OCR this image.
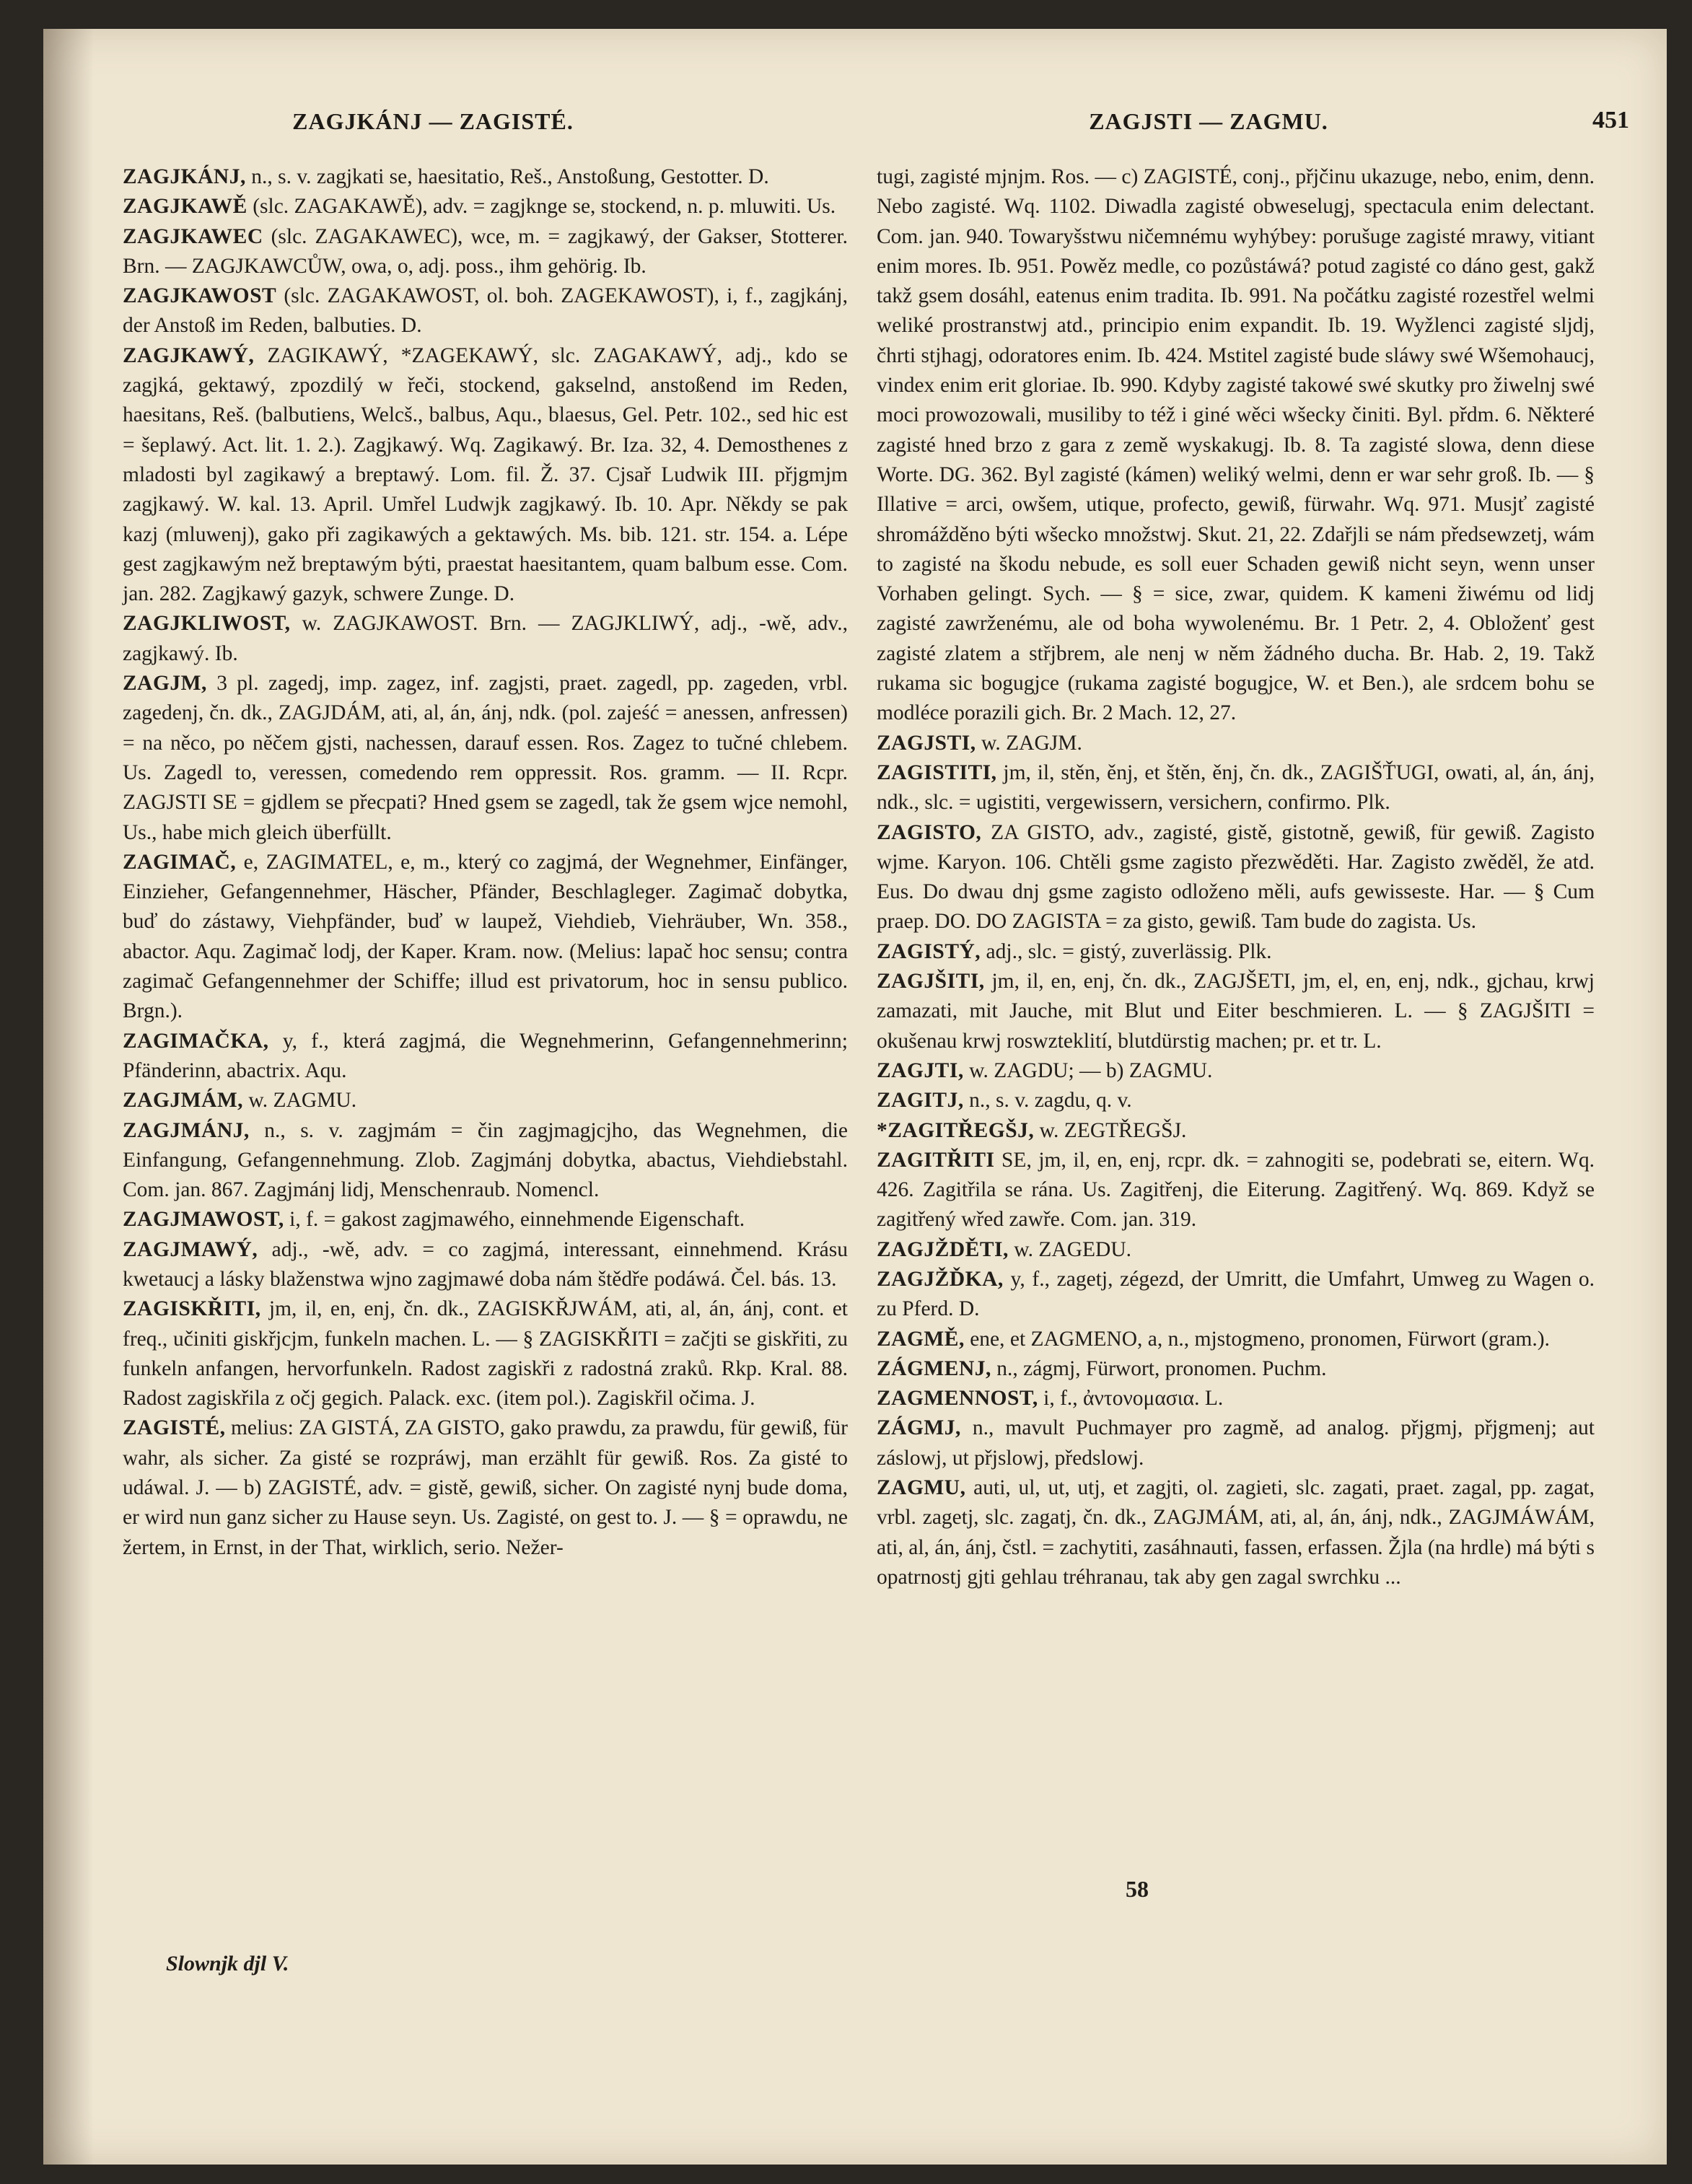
ZAGJKÁNJ — ZAGISTÉ.	ZAGJSTI — ZAGMU.	451

ZAGJKÁNJ, n., s. v. zagjkati se, haesitatio, Reš., Anstoßung, Gestotter. D.

ZAGJKAWĚ (slc. ZAGAKAWĚ), adv. = zagjknge se, stockend, n. p. mluwiti. Us.

ZAGJKAWEC (slc. ZAGAKAWEC), wce, m. = zagjkawý, der Gakser, Stotterer. Brn. — ZAGJKAWCŮW, owa, o, adj. poss., ihm gehörig. Ib.

ZAGJKAWOST (slc. ZAGAKAWOST, ol. boh. ZAGEKAWOST), i, f., zagjkánj, der Anstoß im Reden, balbuties. D.

ZAGJKAWÝ, ZAGIKAWÝ, *ZAGEKAWÝ, slc. ZAGAKAWÝ, adj., kdo se zagjká, gektawý, zpozdilý w řeči, stockend, gakselnd, anstoßend im Reden, haesitans, Reš. (balbutiens, Welcš., balbus, Aqu., blaesus, Gel. Petr. 102., sed hic est = šeplawý. Act. lit. 1. 2.). Zagjkawý. Wq. Zagikawý. Br. Iza. 32, 4. Demosthenes z mladosti byl zagikawý a breptawý. Lom. fil. Ž. 37. Cjsař Ludwik III. přjgmjm zagjkawý. W. kal. 13. April. Umřel Ludwjk zagjkawý. Ib. 10. Apr. Někdy se pak kazj (mluwenj), gako při zagikawých a gektawých. Ms. bib. 121. str. 154. a. Lépe gest zagjkawým než breptawým býti, praestat haesitantem, quam balbum esse. Com. jan. 282. Zagjkawý gazyk, schwere Zunge. D.

ZAGJKLIWOST, w. ZAGJKAWOST. Brn. — ZAGJKLIWÝ, adj., -wě, adv., zagjkawý. Ib.

ZAGJM, 3 pl. zagedj, imp. zagez, inf. zagjsti, praet. zagedl, pp. zageden, vrbl. zagedenj, čn. dk., ZAGJDÁM, ati, al, án, ánj, ndk. (pol. zajeść = anessen, anfressen) = na něco, po něčem gjsti, nachessen, darauf essen. Ros. Zagez to tučné chlebem. Us. Zagedl to, veressen, comedendo rem oppressit. Ros. gramm. — II. Rcpr. ZAGJSTI SE = gjdlem se přecpati? Hned gsem se zagedl, tak že gsem wjce nemohl, Us., habe mich gleich überfüllt.

ZAGIMAČ, e, ZAGIMATEL, e, m., který co zagjmá, der Wegnehmer, Einfänger, Einzieher, Gefangennehmer, Häscher, Pfänder, Beschlagleger. Zagimač dobytka, buď do zástawy, Viehpfänder, buď w laupež, Viehdieb, Viehräuber, Wn. 358., abactor. Aqu. Zagimač lodj, der Kaper. Kram. now. (Melius: lapač hoc sensu; contra zagimač Gefangennehmer der Schiffe; illud est privatorum, hoc in sensu publico. Brgn.).

ZAGIMAČKA, y, f., která zagjmá, die Wegnehmerinn, Gefangennehmerinn; Pfänderinn, abactrix. Aqu.

ZAGJMÁM, w. ZAGMU.

ZAGJMÁNJ, n., s. v. zagjmám = čin zagjmagjcjho, das Wegnehmen, die Einfangung, Gefangennehmung. Zlob. Zagjmánj dobytka, abactus, Viehdiebstahl. Com. jan. 867. Zagjmánj lidj, Menschenraub. Nomencl.

ZAGJMAWOST, i, f. = gakost zagjmawého, einnehmende Eigenschaft.

ZAGJMAWÝ, adj., -wě, adv. = co zagjmá, interessant, einnehmend. Krásu kwetaucj a lásky blaženstwa wjno zagjmawé doba nám štědře podáwá. Čel. bás. 13.

ZAGISKŘITI, jm, il, en, enj, čn. dk., ZAGISKŘJWÁM, ati, al, án, ánj, cont. et freq., učiniti giskřjcjm, funkeln machen. L. — § ZAGISKŘITI = začjti se giskřiti, zu funkeln anfangen, hervorfunkeln. Radost zagiskři z radostná zraků. Rkp. Kral. 88. Radost zagiskřila z očj gegich. Palack. exc. (item pol.). Zagiskřil očima. J.

ZAGISTÉ, melius: ZA GISTÁ, ZA GISTO, gako prawdu, za prawdu, für gewiß, für wahr, als sicher. Za gisté se rozpráwj, man erzählt für gewiß. Ros. Za gisté to udáwal. J. — b) ZAGISTÉ, adv. = gistě, gewiß, sicher. On zagisté nynj bude doma, er wird nun ganz sicher zu Hause seyn. Us. Zagisté, on gest to. J. — § = oprawdu, ne žertem, in Ernst, in der That, wirklich, serio. Nežer-

tugi, zagisté mjnjm. Ros. — c) ZAGISTÉ, conj., přjčinu ukazuge, nebo, enim, denn. Nebo zagisté. Wq. 1102. Diwadla zagisté obweselugj, spectacula enim delectant. Com. jan. 940. Towaryšstwu ničemnému wyhýbey: porušuge zagisté mrawy, vitiant enim mores. Ib. 951. Powěz medle, co pozůstáwá? potud zagisté co dáno gest, gakž takž gsem dosáhl, eatenus enim tradita. Ib. 991. Na počátku zagisté rozestřel welmi weliké prostranstwj atd., principio enim expandit. Ib. 19. Wyžlenci zagisté sljdj, čhrti stjhagj, odoratores enim. Ib. 424. Mstitel zagisté bude sláwy swé Wšemohaucj, vindex enim erit gloriae. Ib. 990. Kdyby zagisté takowé swé skutky pro žiwelnj swé moci prowozowali, musiliby to též i giné wěci wšecky činiti. Byl. přdm. 6. Některé zagisté hned brzo z gara z země wyskakugj. Ib. 8. Ta zagisté slowa, denn diese Worte. DG. 362. Byl zagisté (kámen) weliký welmi, denn er war sehr groß. Ib. — § Illative = arci, owšem, utique, profecto, gewiß, fürwahr. Wq. 971. Musjť zagisté shromážděno býti wšecko množstwj. Skut. 21, 22. Zdařjli se nám předsewzetj, wám to zagisté na škodu nebude, es soll euer Schaden gewiß nicht seyn, wenn unser Vorhaben gelingt. Sych. — § = sice, zwar, quidem. K kameni žiwému od lidj zagisté zawrženému, ale od boha wywolenému. Br. 1 Petr. 2, 4. Obloženť gest zagisté zlatem a střjbrem, ale nenj w něm žádného ducha. Br. Hab. 2, 19. Takž rukama sic bogugjce (rukama zagisté bogugjce, W. et Ben.), ale srdcem bohu se modléce porazili gich. Br. 2 Mach. 12, 27.

ZAGJSTI, w. ZAGJM.

ZAGISTITI, jm, il, stěn, ěnj, et štěn, ěnj, čn. dk., ZAGIŠŤUGI, owati, al, án, ánj, ndk., slc. = ugistiti, vergewissern, versichern, confirmo. Plk.

ZAGISTO, ZA GISTO, adv., zagisté, gistě, gistotně, gewiß, für gewiß. Zagisto wjme. Karyon. 106. Chtěli gsme zagisto přezwěděti. Har. Zagisto zwěděl, že atd. Eus. Do dwau dnj gsme zagisto odloženo měli, aufs gewisseste. Har. — § Cum praep. DO. DO ZAGISTA = za gisto, gewiß. Tam bude do zagista. Us.

ZAGISTÝ, adj., slc. = gistý, zuverlässig. Plk.

ZAGJŠITI, jm, il, en, enj, čn. dk., ZAGJŠETI, jm, el, en, enj, ndk., gjchau, krwj zamazati, mit Jauche, mit Blut und Eiter beschmieren. L. — § ZAGJŠITI = okušenau krwj roswzteklití, blutdürstig machen; pr. et tr. L.

ZAGJTI, w. ZAGDU; — b) ZAGMU.

ZAGITJ, n., s. v. zagdu, q. v.

*ZAGITŘEGŠJ, w. ZEGTŘEGŠJ.

ZAGITŘITI SE, jm, il, en, enj, rcpr. dk. = zahnogiti se, podebrati se, eitern. Wq. 426. Zagitřila se rána. Us. Zagitřenj, die Eiterung. Zagitřený. Wq. 869. Když se zagitřený wřed zawře. Com. jan. 319.

ZAGJŽDĚTI, w. ZAGEDU.

ZAGJŽĎKA, y, f., zagetj, zégezd, der Umritt, die Umfahrt, Umweg zu Wagen o. zu Pferd. D.

ZAGMĚ, ene, et ZAGMENO, a, n., mjstogmeno, pronomen, Fürwort (gram.).

ZÁGMENJ, n., zágmj, Fürwort, pronomen. Puchm.

ZAGMENNOST, i, f., ἀντονομασια. L.

ZÁGMJ, n., mavult Puchmayer pro zagmě, ad analog. přjgmj, přjgmenj; aut záslowj, ut přjslowj, předslowj.

ZAGMU, auti, ul, ut, utj, et zagjti, ol. zagieti, slc. zagati, praet. zagal, pp. zagat, vrbl. zagetj, slc. zagatj, čn. dk., ZAGJMÁM, ati, al, án, ánj, ndk., ZAGJMÁWÁM, ati, al, án, ánj, čstl. = zachytiti, zasáhnauti, fassen, erfassen. Žjla (na hrdle) má býti s opatrnostj gjti gehlau tréhranau, tak aby gen zagal swrchku ...

58
Slownjk djl V.
